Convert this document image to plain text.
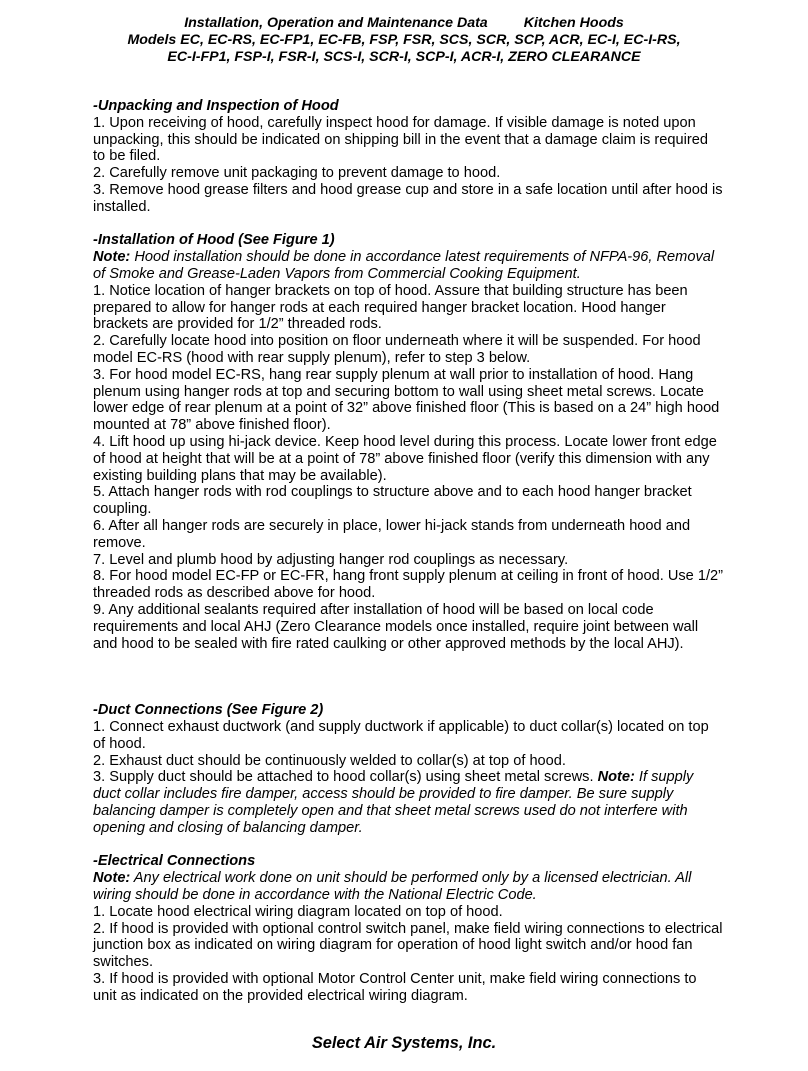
Installation, Operation and Maintenance Data	Kitchen Hoods
Models EC, EC-RS, EC-FP1, EC-FB, FSP, FSR, SCS, SCR, SCP, ACR, EC-I, EC-I-RS,
EC-I-FP1, FSP-I, FSR-I, SCS-I, SCR-I, SCP-I, ACR-I, ZERO CLEARANCE

-Unpacking and Inspection of Hood

1. Upon receiving of hood, carefully inspect hood for damage. If visible damage is noted upon unpacking, this should be indicated on shipping bill in the event that a damage claim is required to be filed.

2. Carefully remove unit packaging to prevent damage to hood.

3. Remove hood grease filters and hood grease cup and store in a safe location until after hood is installed.

-Installation of Hood (See Figure 1)

Note: Hood installation should be done in accordance latest requirements of NFPA-96, Removal of Smoke and Grease-Laden Vapors from Commercial Cooking Equipment.

1. Notice location of hanger brackets on top of hood. Assure that building structure has been prepared to allow for hanger rods at each required hanger bracket location. Hood hanger brackets are provided for 1/2” threaded rods.

2. Carefully locate hood into position on floor underneath where it will be suspended. For hood model EC-RS (hood with rear supply plenum), refer to step 3 below.

3. For hood model EC-RS, hang rear supply plenum at wall prior to installation of hood. Hang plenum using hanger rods at top and securing bottom to wall using sheet metal screws. Locate lower edge of rear plenum at a point of 32” above finished floor (This is based on a 24” high hood mounted at 78” above finished floor).

4. Lift hood up using hi-jack device. Keep hood level during this process. Locate lower front edge of hood at height that will be at a point of 78” above finished floor (verify this dimension with any existing building plans that may be available).

5. Attach hanger rods with rod couplings to structure above and to each hood hanger bracket coupling.

6. After all hanger rods are securely in place, lower hi-jack stands from underneath hood and remove.

7. Level and plumb hood by adjusting hanger rod couplings as necessary.

8. For hood model EC-FP or EC-FR, hang front supply plenum at ceiling in front of hood. Use 1/2” threaded rods as described above for hood.

9. Any additional sealants required after installation of hood will be based on local code requirements and local AHJ (Zero Clearance models once installed, require joint between wall and hood to be sealed with fire rated caulking or other approved methods by the local AHJ).

-Duct Connections (See Figure 2)

1. Connect exhaust ductwork (and supply ductwork if applicable) to duct collar(s) located on top of hood.

2. Exhaust duct should be continuously welded to collar(s) at top of hood.

3. Supply duct should be attached to hood collar(s) using sheet metal screws. Note: If supply duct collar includes fire damper, access should be provided to fire damper. Be sure supply balancing damper is completely open and that sheet metal screws used do not interfere with opening and closing of balancing damper.

-Electrical Connections

Note: Any electrical work done on unit should be performed only by a licensed electrician. All wiring should be done in accordance with the National Electric Code.

1. Locate hood electrical wiring diagram located on top of hood.

2. If hood is provided with optional control switch panel, make field wiring connections to electrical junction box as indicated on wiring diagram for operation of hood light switch and/or hood fan switches.

3. If hood is provided with optional Motor Control Center unit, make field wiring connections to unit as indicated on the provided electrical wiring diagram.

Select Air Systems, Inc.
